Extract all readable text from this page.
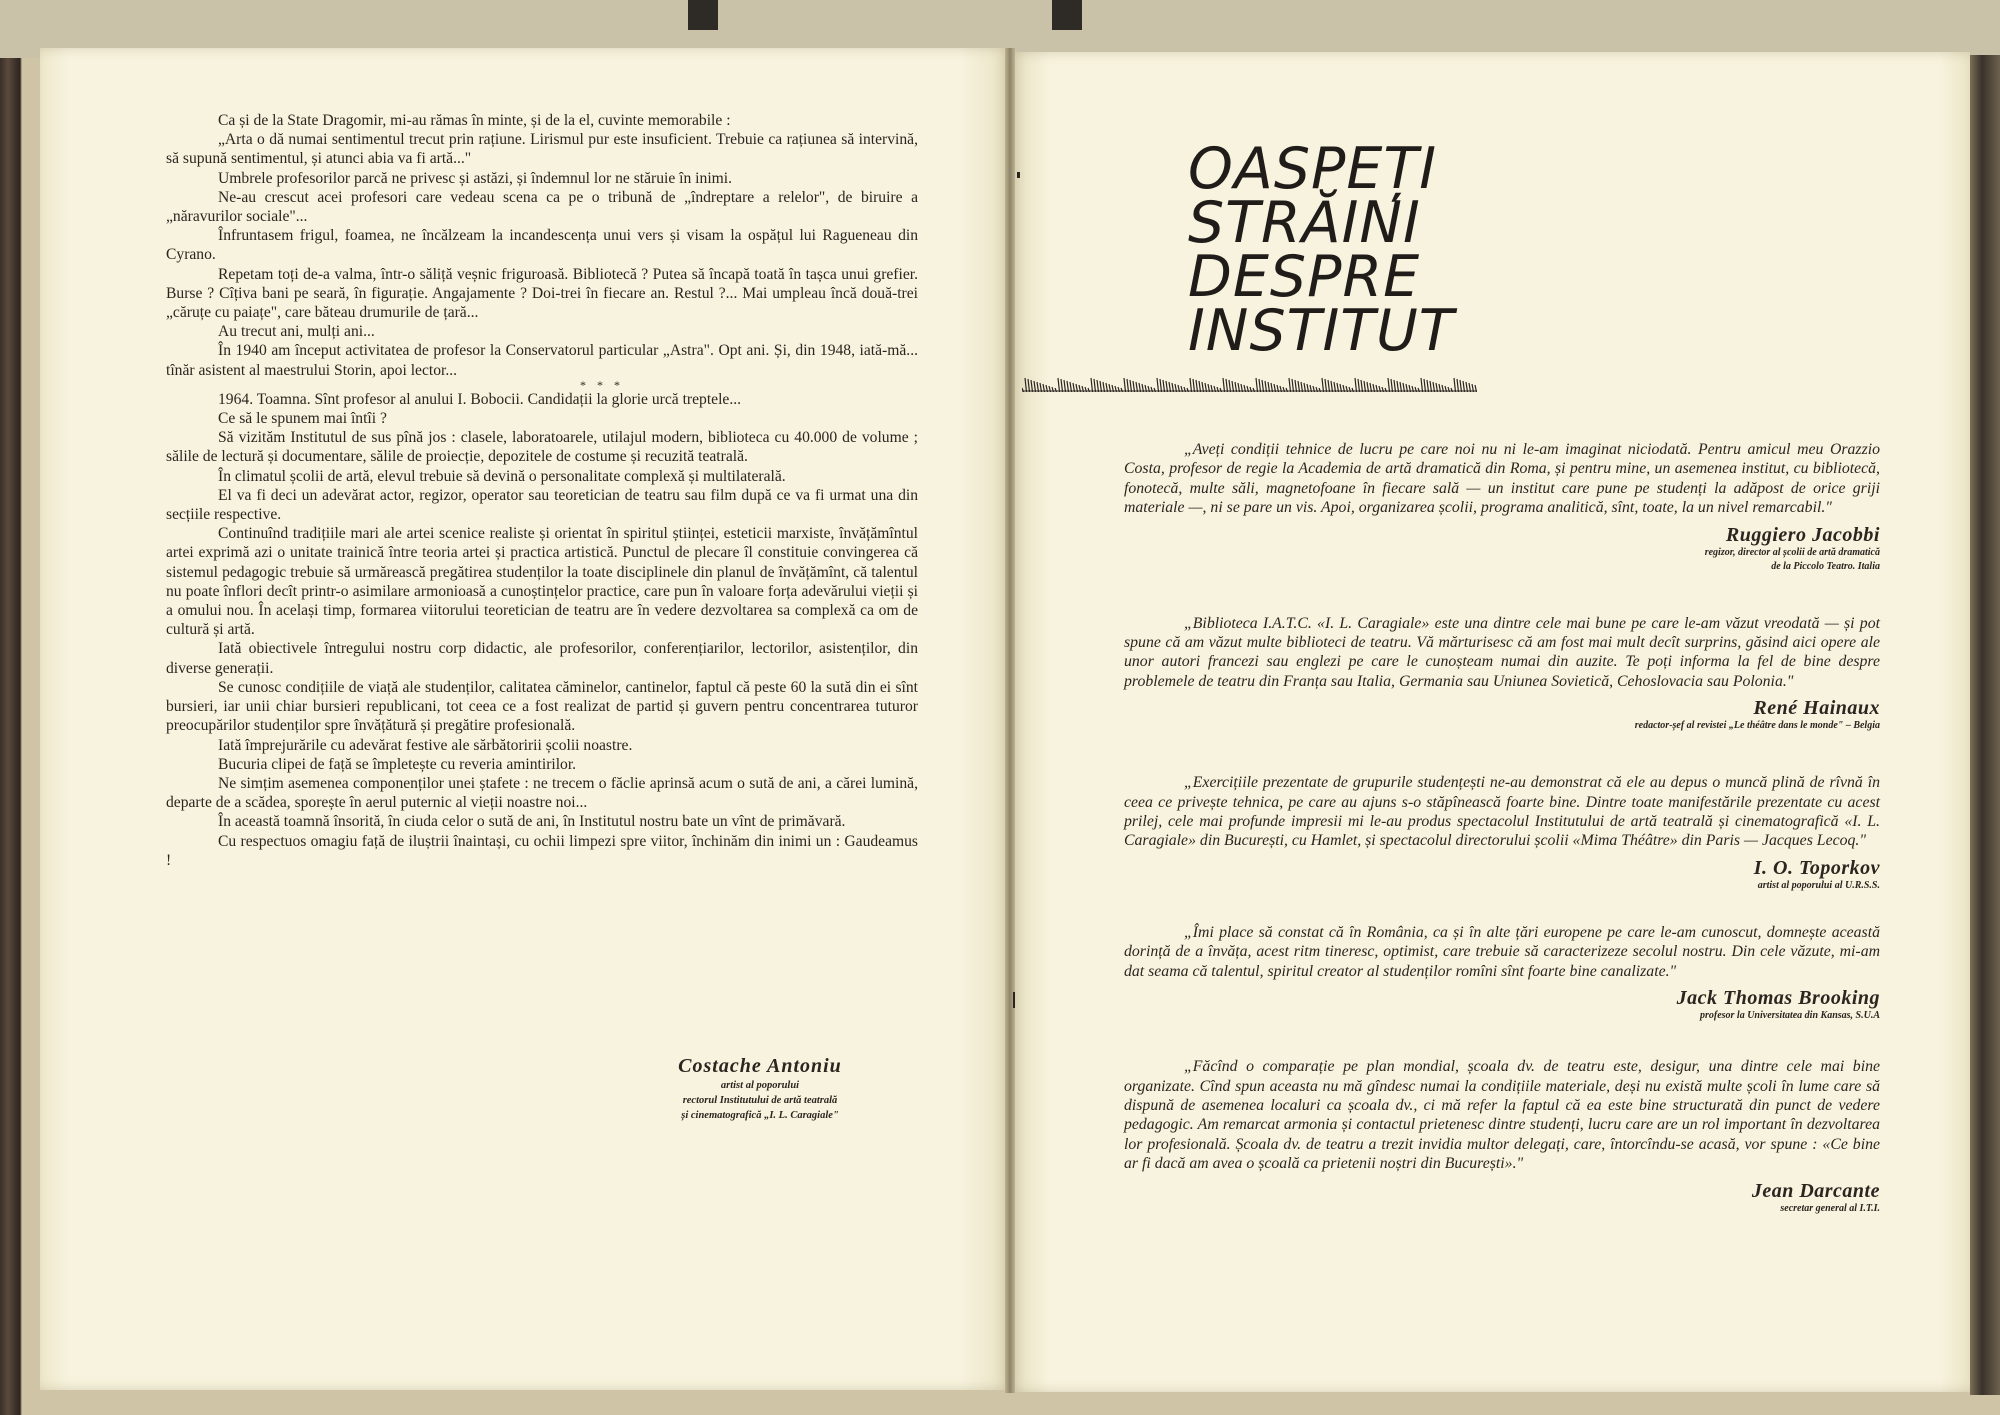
Ca și de la State Dragomir, mi-au rămas în minte, și de la el, cuvinte memorabile :

„Arta o dă numai sentimentul trecut prin rațiune. Lirismul pur este insuficient. Trebuie ca rațiunea să intervină, să supună sentimentul, și atunci abia va fi artă..."

Umbrele profesorilor parcă ne privesc și astăzi, și îndemnul lor ne stăruie în inimi.

Ne-au crescut acei profesori care vedeau scena ca pe o tribună de „îndreptare a relelor", de biruire a „năravurilor sociale"...

Înfruntasem frigul, foamea, ne încălzeam la incandescența unui vers și visam la ospățul lui Ragueneau din Cyrano.

Repetam toți de-a valma, într-o săliță veșnic friguroasă. Bibliotecă ? Putea să încapă toată în tașca unui grefier. Burse ? Cîțiva bani pe seară, în figurație. Angajamente ? Doi-trei în fiecare an. Restul ?... Mai umpleau încă două-trei „căruțe cu paiațe", care băteau drumurile de țară...

Au trecut ani, mulți ani...

În 1940 am început activitatea de profesor la Conservatorul particular „Astra". Opt ani. Și, din 1948, iată-mă... tînăr asistent al maestrului Storin, apoi lector...

* * *

1964. Toamna. Sînt profesor al anului I. Bobocii. Candidații la glorie urcă treptele...

Ce să le spunem mai întîi ?

Să vizităm Institutul de sus pînă jos : clasele, laboratoarele, utilajul modern, biblioteca cu 40.000 de volume ; sălile de lectură și documentare, sălile de proiecție, depozitele de costume și recuzită teatrală.

În climatul școlii de artă, elevul trebuie să devină o personalitate complexă și multilaterală.

El va fi deci un adevărat actor, regizor, operator sau teoretician de teatru sau film după ce va fi urmat una din secțiile respective.

Continuînd tradițiile mari ale artei scenice realiste și orientat în spiritul științei, esteticii marxiste, învățămîntul artei exprimă azi o unitate trainică între teoria artei și practica artistică. Punctul de plecare îl constituie convingerea că sistemul pedagogic trebuie să urmărească pregătirea studenților la toate disciplinele din planul de învățămînt, că talentul nu poate înflori decît printr-o asimilare armonioasă a cunoștințelor practice, care pun în valoare forța adevărului vieții și a omului nou. În același timp, formarea viitorului teoretician de teatru are în vedere dezvoltarea sa complexă ca om de cultură și artă.

Iată obiectivele întregului nostru corp didactic, ale profesorilor, conferențiarilor, lectorilor, asistenților, din diverse generații.

Se cunosc condițiile de viață ale studenților, calitatea căminelor, cantinelor, faptul că peste 60 la sută din ei sînt bursieri, iar unii chiar bursieri republicani, tot ceea ce a fost realizat de partid și guvern pentru concentrarea tuturor preocupărilor studenților spre învățătură și pregătire profesională.

Iată împrejurările cu adevărat festive ale sărbătoririi școlii noastre.

Bucuria clipei de față se împletește cu reveria amintirilor.

Ne simțim asemenea componenților unei ștafete : ne trecem o făclie aprinsă acum o sută de ani, a cărei lumină, departe de a scădea, sporește în aerul puternic al vieții noastre noi...

În această toamnă însorită, în ciuda celor o sută de ani, în Institutul nostru bate un vînt de primăvară.

Cu respectuos omagiu față de iluștrii înaintași, cu ochii limpezi spre viitor, închinăm din inimi un : Gaudeamus !

Costache Antoniu
artist al poporului
rectorul Institutului de artă teatrală
și cinematografică „I. L. Caragiale"
OASPEȚI
STRĂINI
DESPRE
INSTITUT

„Aveți condiții tehnice de lucru pe care noi nu ni le-am imaginat niciodată. Pentru amicul meu Orazzio Costa, profesor de regie la Academia de artă dramatică din Roma, și pentru mine, un asemenea institut, cu bibliotecă, fonotecă, multe săli, magnetofoane în fiecare sală — un institut care pune pe studenți la adăpost de orice griji materiale —, ni se pare un vis. Apoi, organizarea școlii, programa analitică, sînt, toate, la un nivel remarcabil."

Ruggiero Jacobbi
regizor, director al școlii de artă dramatică
de la Piccolo Teatro. Italia

„Biblioteca I.A.T.C. «I. L. Caragiale» este una dintre cele mai bune pe care le-am văzut vreodată — și pot spune că am văzut multe biblioteci de teatru. Vă mărturisesc că am fost mai mult decît surprins, găsind aici opere ale unor autori francezi sau englezi pe care le cunoșteam numai din auzite. Te poți informa la fel de bine despre problemele de teatru din Franța sau Italia, Germania sau Uniunea Sovietică, Cehoslovacia sau Polonia."

René Hainaux
redactor-șef al revistei „Le théâtre dans le monde" – Belgia

„Exercițiile prezentate de grupurile studențești ne-au demonstrat că ele au depus o muncă plină de rîvnă în ceea ce privește tehnica, pe care au ajuns s-o stăpînească foarte bine. Dintre toate manifestările prezentate cu acest prilej, cele mai profunde impresii mi le-au produs spectacolul Institutului de artă teatrală și cinematografică «I. L. Caragiale» din București, cu Hamlet, și spectacolul directorului școlii «Mima Théâtre» din Paris — Jacques Lecoq."

I. O. Toporkov
artist al poporului al U.R.S.S.

„Îmi place să constat că în România, ca și în alte țări europene pe care le-am cunoscut, domnește această dorință de a învăța, acest ritm tineresc, optimist, care trebuie să caracterizeze secolul nostru. Din cele văzute, mi-am dat seama că talentul, spiritul creator al studenților romîni sînt foarte bine canalizate."

Jack Thomas Brooking
profesor la Universitatea din Kansas, S.U.A

„Făcînd o comparație pe plan mondial, școala dv. de teatru este, desigur, una dintre cele mai bine organizate. Cînd spun aceasta nu mă gîndesc numai la condițiile materiale, deși nu există multe școli în lume care să dispună de asemenea localuri ca școala dv., ci mă refer la faptul că ea este bine structurată din punct de vedere pedagogic. Am remarcat armonia și contactul prietenesc dintre studenți, lucru care are un rol important în dezvoltarea lor profesională. Școala dv. de teatru a trezit invidia multor delegați, care, întorcîndu-se acasă, vor spune : «Ce bine ar fi dacă am avea o școală ca prietenii noștri din București»."

Jean Darcante
secretar general al I.T.I.
